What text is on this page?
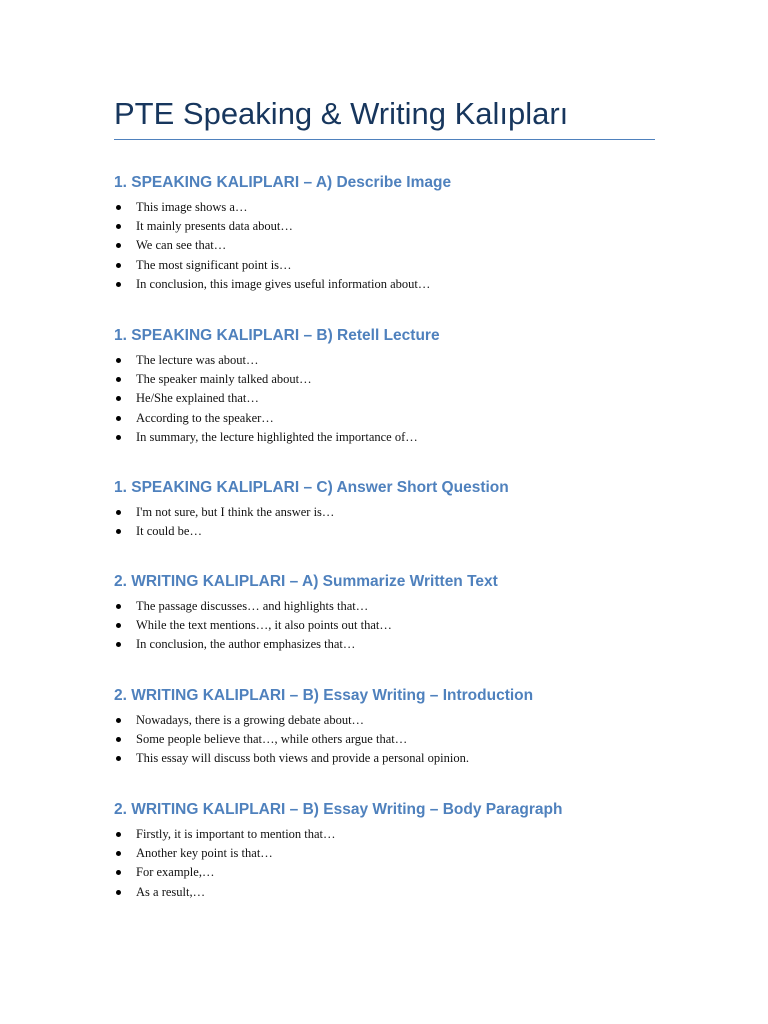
PTE Speaking & Writing Kalıpları
1. SPEAKING KALIPLARI – A) Describe Image
This image shows a…
It mainly presents data about…
We can see that…
The most significant point is…
In conclusion, this image gives useful information about…
1. SPEAKING KALIPLARI – B) Retell Lecture
The lecture was about…
The speaker mainly talked about…
He/She explained that…
According to the speaker…
In summary, the lecture highlighted the importance of…
1. SPEAKING KALIPLARI – C) Answer Short Question
I'm not sure, but I think the answer is…
It could be…
2. WRITING KALIPLARI – A) Summarize Written Text
The passage discusses… and highlights that…
While the text mentions…, it also points out that…
In conclusion, the author emphasizes that…
2. WRITING KALIPLARI – B) Essay Writing – Introduction
Nowadays, there is a growing debate about…
Some people believe that…, while others argue that…
This essay will discuss both views and provide a personal opinion.
2. WRITING KALIPLARI – B) Essay Writing – Body Paragraph
Firstly, it is important to mention that…
Another key point is that…
For example,…
As a result,…
